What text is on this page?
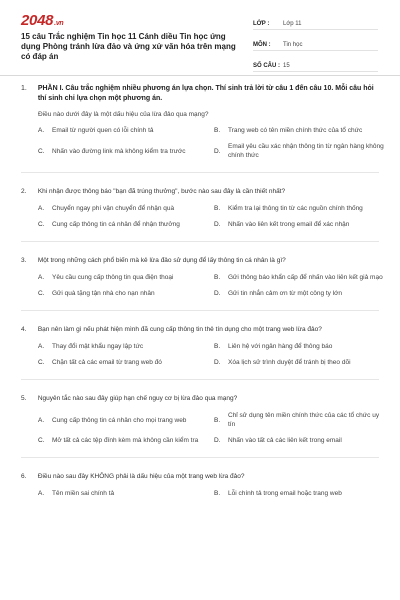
2048.vn
15 câu Trắc nghiệm Tin học 11 Cánh diều Tin học ứng dụng Phòng tránh lừa đảo và ứng xử văn hóa trên mạng có đáp án
LỚP :	Lớp 11
MÔN :	Tin học
SỐ CÂU : 15
1.	PHẦN I. Câu trắc nghiệm nhiều phương án lựa chọn. Thí sinh trả lời từ câu 1 đến câu 10. Mỗi câu hỏi thí sinh chỉ lựa chọn một phương án.
Điều nào dưới đây là một dấu hiệu của lừa đảo qua mạng?
A.	Email từ người quen có lỗi chính tả	B.	Trang web có tên miền chính thức của tổ chức
C.	Nhấn vào đường link mà không kiểm tra trước	D.
Email yêu cầu xác nhận thông tin từ ngân hàng không chính thức
2.	Khi nhận được thông báo "bạn đã trúng thưởng", bước nào sau đây là cần thiết nhất?
A.	Chuyển ngay phí vận chuyển để nhận quà	B.	Kiểm tra lại thông tin từ các nguồn chính thống
C.	Cung cấp thông tin cá nhân để nhận thưởng	D.	Nhấn vào liên kết trong email để xác nhận
3.	Một trong những cách phổ biến mà kẻ lừa đảo sử dụng để lấy thông tin cá nhân là gì?
A.	Yêu cầu cung cấp thông tin qua điện thoại	B.	Gửi thông báo khẩn cấp để nhấn vào liên kết giả mạo
C.	Gửi quà tặng tận nhà cho nạn nhân	D.	Gửi tin nhắn cảm ơn từ một công ty lớn
4.	Bạn nên làm gì nếu phát hiện mình đã cung cấp thông tin thẻ tín dụng cho một trang web lừa đảo?
A.	Thay đổi mật khẩu ngay lập tức	B.	Liên hệ với ngân hàng để thông báo
C.	Chặn tất cả các email từ trang web đó	D.	Xóa lịch sử trình duyệt để tránh bị theo dõi
5.	Nguyên tắc nào sau đây giúp hạn chế nguy cơ bị lừa đảo qua mạng?
A.	Cung cấp thông tin cá nhân cho mọi trang web	B.
Chỉ sử dụng tên miền chính thức của các tổ chức uy tín
C.	Mở tất cả các tệp đính kèm mà không cần kiểm tra	D.	Nhấn vào tất cả các liên kết trong email
6.	Điều nào sau đây KHÔNG phải là dấu hiệu của một trang web lừa đảo?
A.	Tên miền sai chính tả	B.	Lỗi chính tả trong email hoặc trang web
